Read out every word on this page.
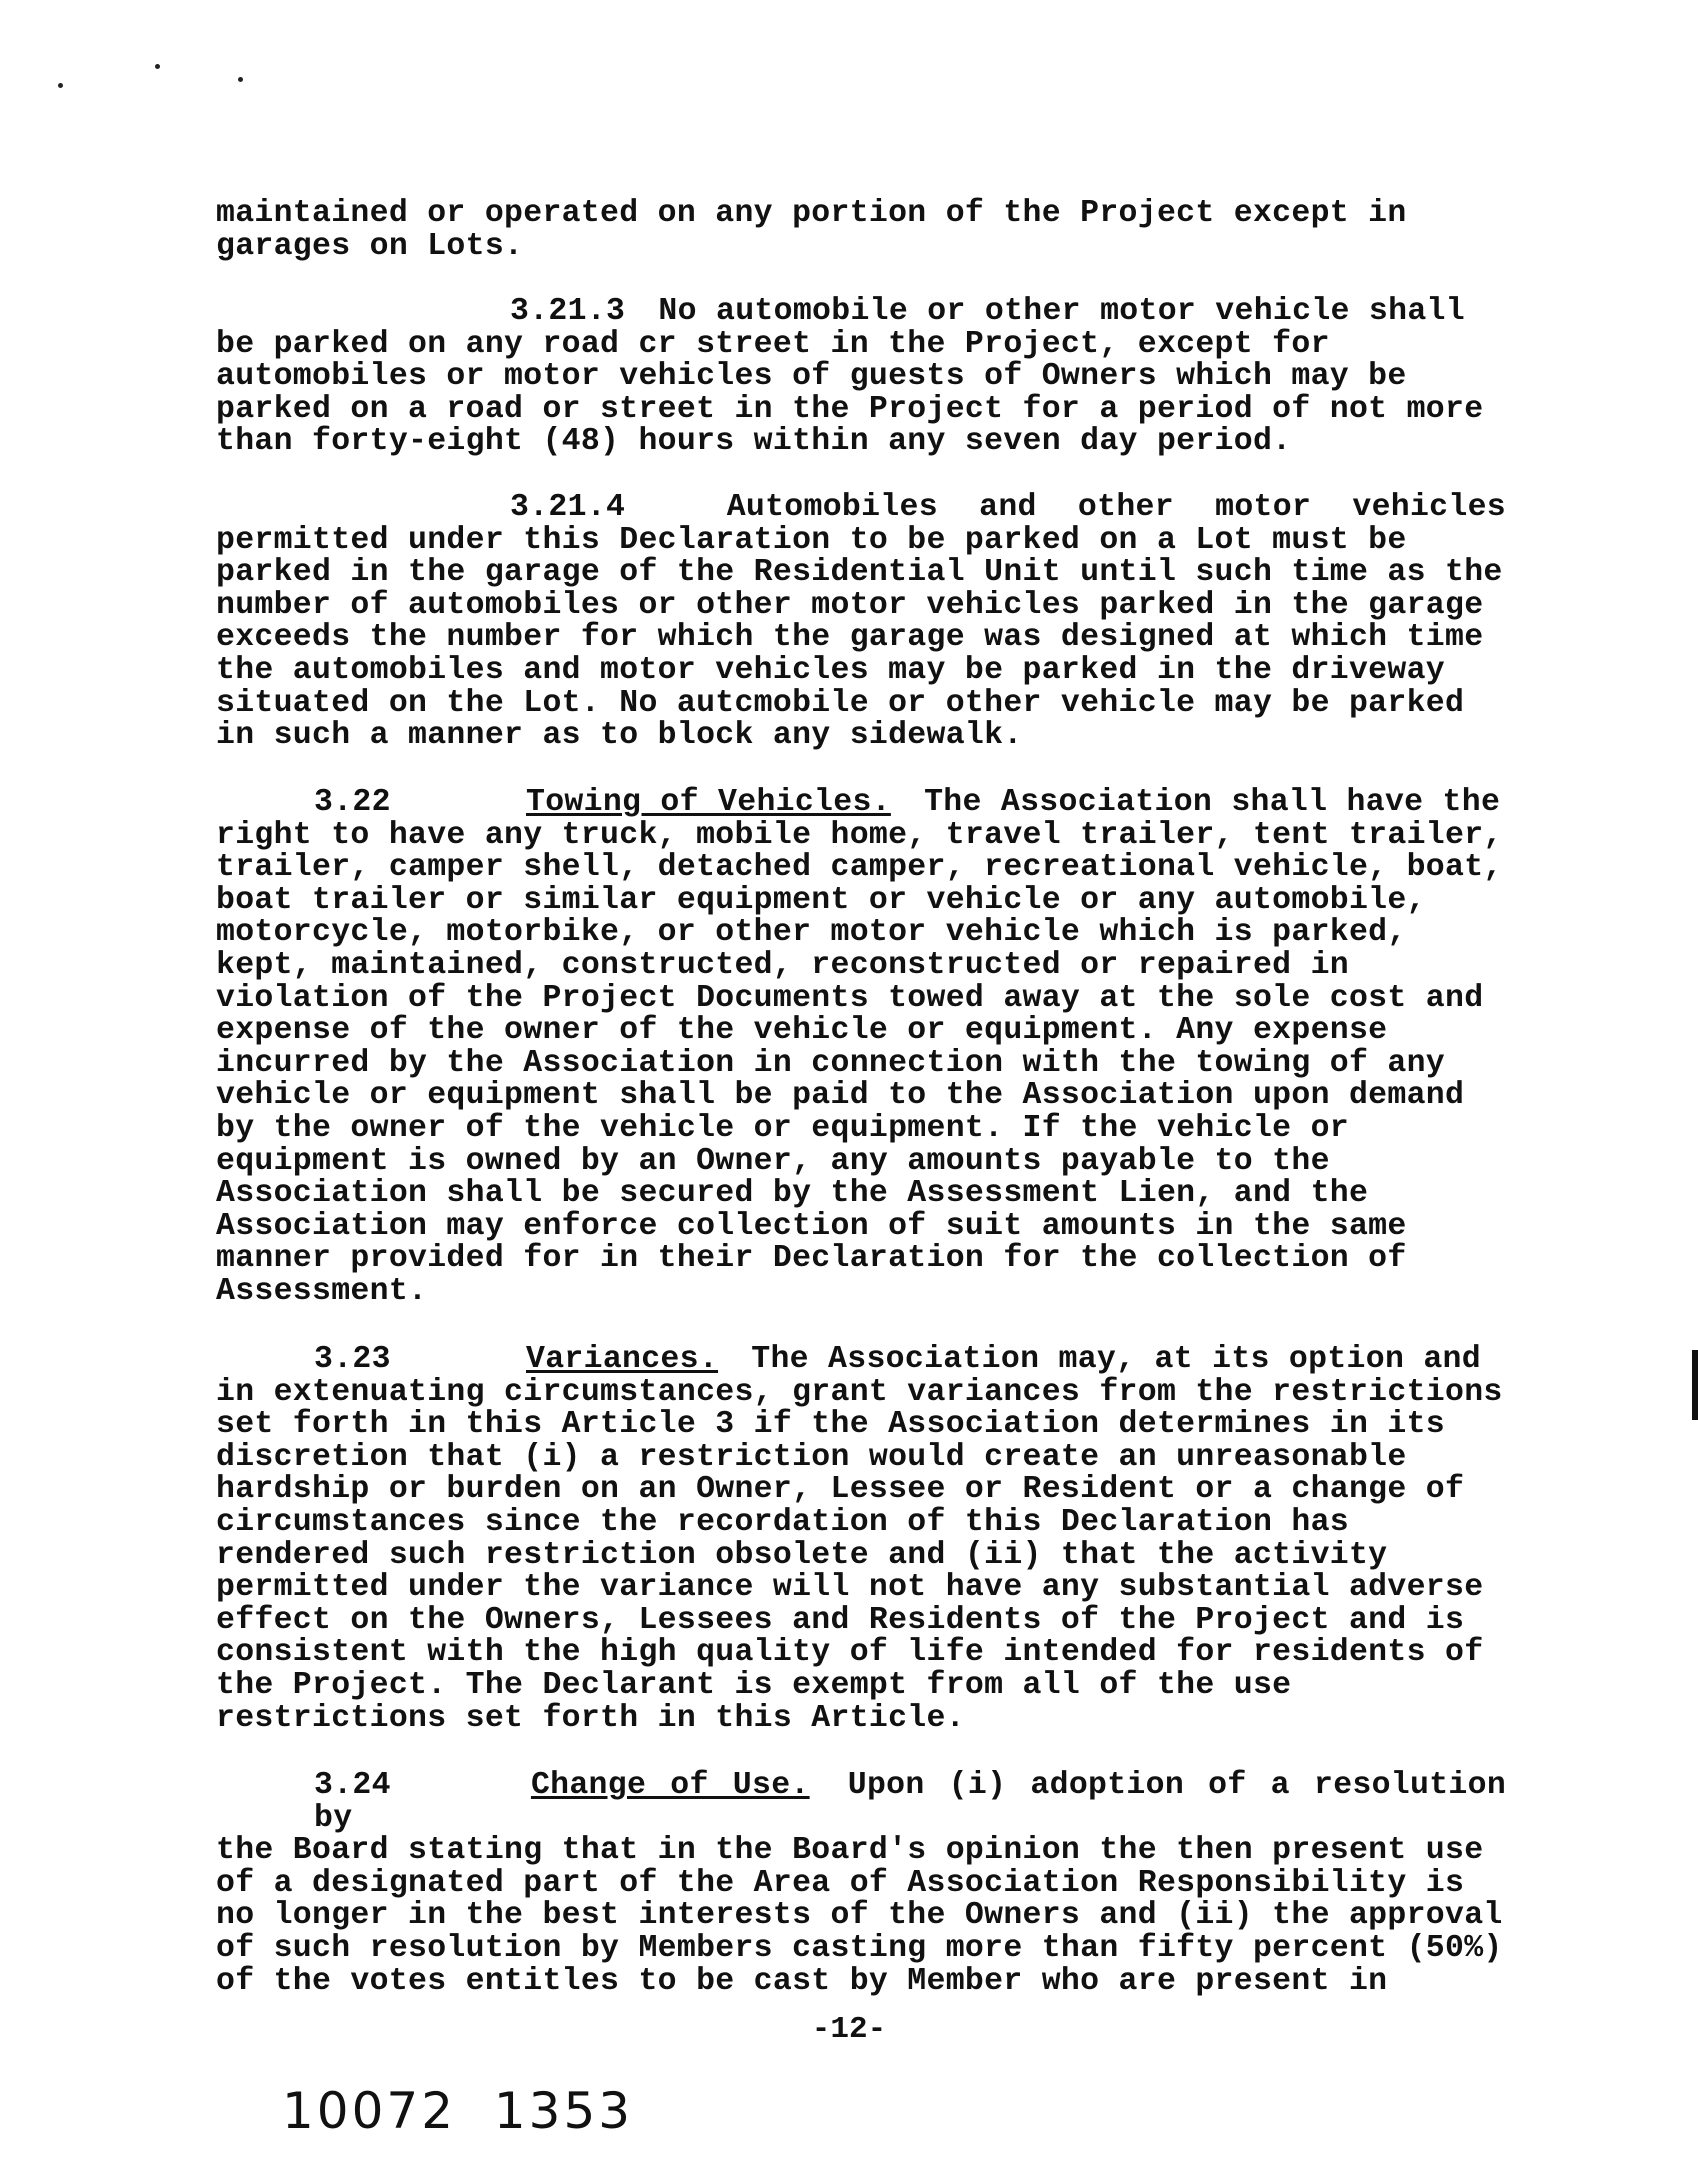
maintained or operated on any portion of the Project except in
garages on Lots.
3.21.3 No automobile or other motor vehicle shall
be parked on any road cr street in the Project, except for
automobiles or motor vehicles of guests of Owners which may be
parked on a road or street in the Project for a period of not more
than forty-eight (48) hours within any seven day period.
3.21.4	Automobiles and other motor vehicles
permitted under this Declaration to be parked on a Lot must be
parked in the garage of the Residential Unit until such time as the
number of automobiles or other motor vehicles parked in the garage
exceeds the number for which the garage was designed at which time
the automobiles and motor vehicles may be parked in the driveway
situated on the Lot. No autcmobile or other vehicle may be parked
in such a manner as to block any sidewalk.
3.22	Towing of Vehicles. The Association shall have the
right to have any truck, mobile home, travel trailer, tent trailer,
trailer, camper shell, detached camper, recreational vehicle, boat,
boat trailer or similar equipment or vehicle or any automobile,
motorcycle, motorbike, or other motor vehicle which is parked,
kept, maintained, constructed, reconstructed or repaired in
violation of the Project Documents towed away at the sole cost and
expense of the owner of the vehicle or equipment. Any expense
incurred by the Association in connection with the towing of any
vehicle or equipment shall be paid to the Association upon demand
by the owner of the vehicle or equipment. If the vehicle or
equipment is owned by an Owner, any amounts payable to the
Association shall be secured by the Assessment Lien, and the
Association may enforce collection of suit amounts in the same
manner provided for in their Declaration for the collection of
Assessment.
3.23	Variances. The Association may, at its option and
in extenuating circumstances, grant variances from the restrictions
set forth in this Article 3 if the Association determines in its
discretion that (i) a restriction would create an unreasonable
hardship or burden on an Owner, Lessee or Resident or a change of
circumstances since the recordation of this Declaration has
rendered such restriction obsolete and (ii) that the activity
permitted under the variance will not have any substantial adverse
effect on the Owners, Lessees and Residents of the Project and is
consistent with the high quality of life intended for residents of
the Project. The Declarant is exempt from all of the use
restrictions set forth in this Article.
3.24	Change of Use. Upon (i) adoption of a resolution by
the Board stating that in the Board's opinion the then present use
of a designated part of the Area of Association Responsibility is
no longer in the best interests of the Owners and (ii) the approval
of such resolution by Members casting more than fifty percent (50%)
of the votes entitles to be cast by Member who are present in
-12-
10072  1353
